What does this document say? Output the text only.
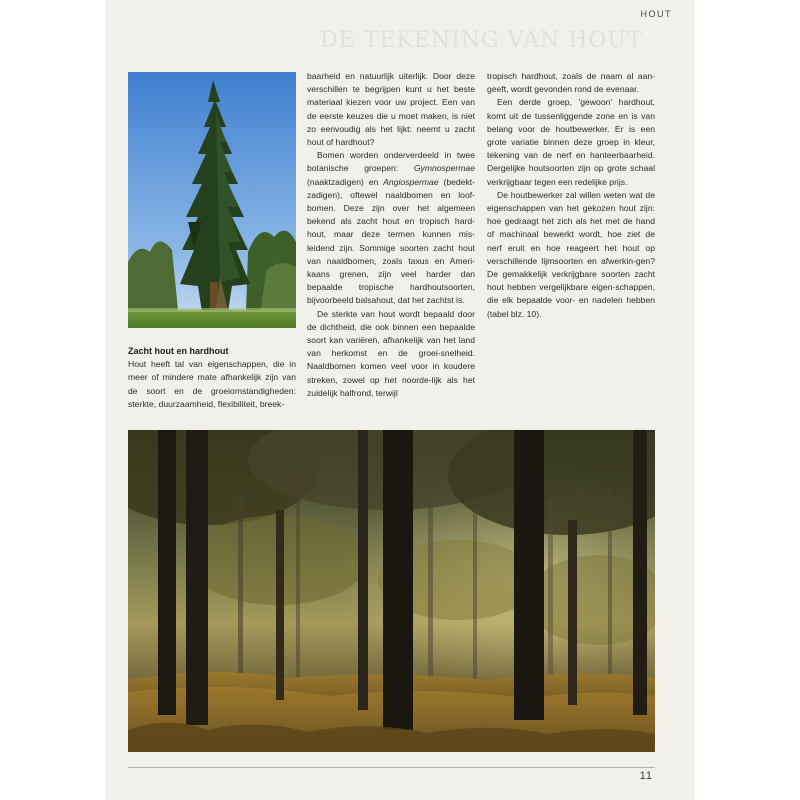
HOUT
DE TEKENING VAN HOUT
Zacht hout en hardhout

Hout heeft tal van eigenschappen, die in meer of mindere mate afhankelijk zijn van de soort en de groeiomstandigheden: sterkte, duurzaamheid, flexibiliteit, breek-

baarheid en natuurlijk uiterlijk. Door deze verschillen te begrijpen kunt u het beste materiaal kiezen voor uw project. Een van de eerste keuzes die u moet maken, is niet zo eenvoudig als het lijkt: neemt u zacht hout of hardhout?

Bomen worden onderverdeeld in twee botanische groepen: Gymnospermae (naaktzadigen) en Angiospermae (bedekt-zadigen), oftewel naaldbomen en loof-bomen. Deze zijn over het algemeen bekend als zacht hout en tropisch hard-hout, maar deze termen kunnen mis-leidend zijn. Sommige soorten zacht hout van naaldbomen, zoals taxus en Ameri-kaans grenen, zijn veel harder dan bepaalde tropische hardhoutsoorten, bijvoorbeeld balsahout, dat het zachtst is.

De sterkte van hout wordt bepaald door de dichtheid, die ook binnen een bepaalde soort kan variëren, afhankelijk van het land van herkomst en de groei-snelheid. Naaldbomen komen veel voor in koudere streken, zowel op het noorde-lijk als het zuidelijk halfrond, terwijl

tropisch hardhout, zoals de naam al aan-geeft, wordt gevonden rond de evenaar.

Een derde groep, 'gewoon' hardhout, komt uit de tussenliggende zone en is van belang voor de houtbewerker. Er is een grote variatie binnen deze groep in kleur, tekening van de nerf en hanteerbaarheid. Dergelijke houtsoorten zijn op grote schaal verkrijgbaar tegen een redelijke prijs.

De houtbewerker zal willen weten wat de eigenschappen van het gekozen hout zijn: hoe gedraagt het zich als het met de hand of machinaal bewerkt wordt, hoe ziet de nerf eruit en hoe reageert het hout op verschillende lijmsoorten en afwerkin-gen? De gemakkelijk verkrijgbare soorten zacht hout hebben vergelijkbare eigen-schappen, die elk bepaalde voor- en nadelen hebben (tabel blz. 10).

11
